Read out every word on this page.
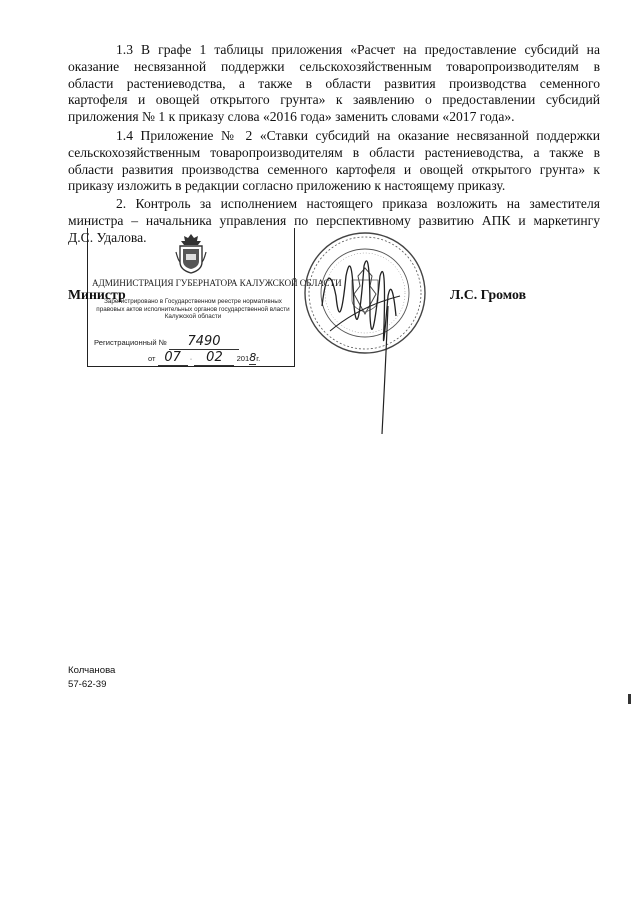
1.3 В графе 1 таблицы приложения «Расчет на предоставление субсидий на
оказание несвязанной поддержки сельскохозяйственным товаропроизводителям в
области растениеводства, а также в области развития производства семенного
картофеля и овощей открытого грунта» к заявлению о предоставлении субсидий
приложения № 1 к приказу слова «2016 года» заменить словами «2017 года».

1.4 Приложение № 2 «Ставки субсидий на оказание несвязанной поддержки
сельскохозяйственным товаропроизводителям в области растениеводства, а также в
области развития производства семенного картофеля и овощей открытого грунта» к
приказу изложить в редакции согласно приложению к настоящему приказу.

2. Контроль за исполнением настоящего приказа возложить на заместителя
министра – начальника управления по перспективному развитию АПК и маркетингу
Д.С. Удалова.

АДМИНИСТРАЦИЯ ГУБЕРНАТОРА КАЛУЖСКОЙ ОБЛАСТИ
Зарегистрировано в Государственном реестре нормативных правовых актов исполнительных органов государственной власти Калужской области
Регистрационный № 7490
от 07 · 02 2018г.
Министр	Л.С. Громов
Колчанова
57-62-39
